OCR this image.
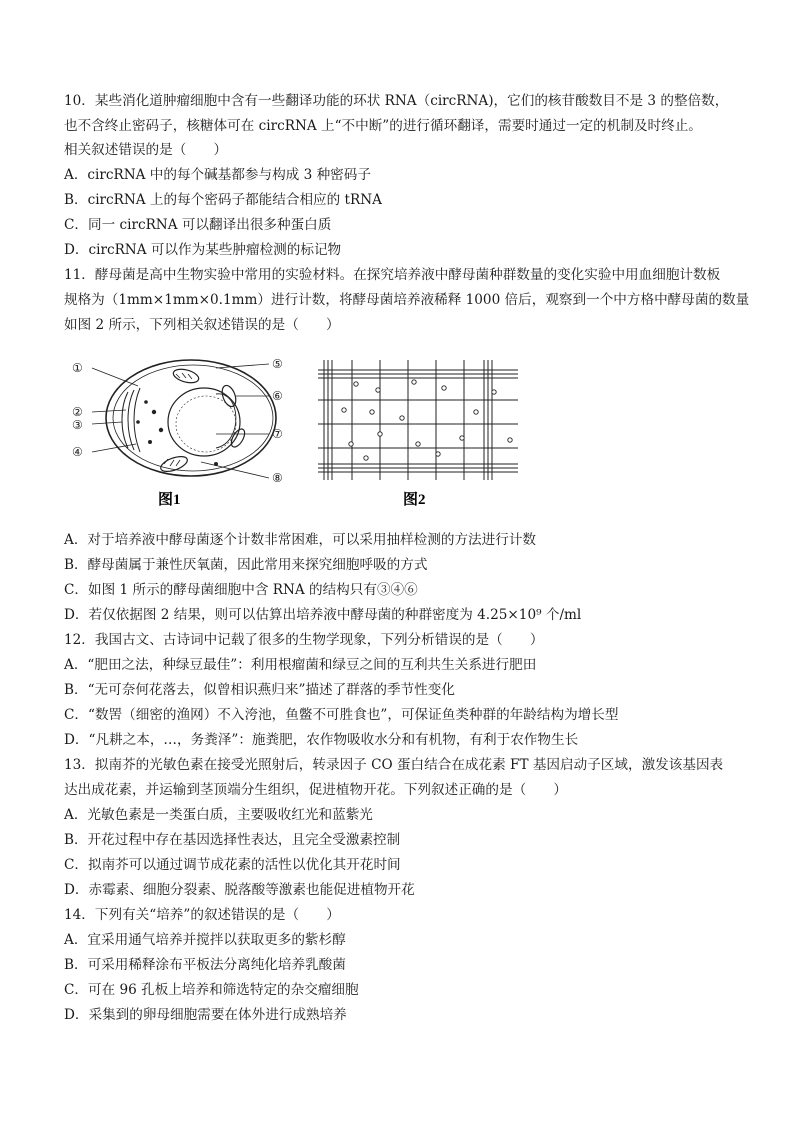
10．某些消化道肿瘤细胞中含有一些翻译功能的环状 RNA（circRNA)，它们的核苷酸数目不是 3 的整倍数，
也不含终止密码子，核糖体可在 circRNA 上“不中断”的进行循环翻译，需要时通过一定的机制及时终止。
相关叙述错误的是（　　）
A．circRNA 中的每个碱基都参与构成 3 种密码子
B．circRNA 上的每个密码子都能结合相应的 tRNA
C．同一 circRNA 可以翻译出很多种蛋白质
D．circRNA 可以作为某些肿瘤检测的标记物
11．酵母菌是高中生物实验中常用的实验材料。在探究培养液中酵母菌种群数量的变化实验中用血细胞计数板
规格为（1mm×1mm×0.1mm）进行计数，将酵母菌培养液稀释 1000 倍后，观察到一个中方格中酵母菌的数量
如图 2 所示，下列相关叙述错误的是（　　）
①
②
③
④
⑤
⑥
⑦
⑧
图1	图2
A．对于培养液中酵母菌逐个计数非常困难，可以采用抽样检测的方法进行计数
B．酵母菌属于兼性厌氧菌，因此常用来探究细胞呼吸的方式
C．如图 1 所示的酵母菌细胞中含 RNA 的结构只有③④⑥
D．若仅依据图 2 结果，则可以估算出培养液中酵母菌的种群密度为 4.25×10⁹ 个/ml
12．我国古文、古诗词中记载了很多的生物学现象，下列分析错误的是（　　）
A．“肥田之法，种绿豆最佳”：利用根瘤菌和绿豆之间的互利共生关系进行肥田
B．“无可奈何花落去，似曾相识燕归来”描述了群落的季节性变化
C．“数罟（细密的渔网）不入洿池，鱼鳖不可胜食也”，可保证鱼类种群的年龄结构为增长型
D．“凡耕之本，…，务粪泽”：施粪肥，农作物吸收水分和有机物，有利于农作物生长
13．拟南芥的光敏色素在接受光照射后，转录因子 CO 蛋白结合在成花素 FT 基因启动子区域，激发该基因表
达出成花素，并运输到茎顶端分生组织，促进植物开花。下列叙述正确的是（　　）
A．光敏色素是一类蛋白质，主要吸收红光和蓝紫光
B．开花过程中存在基因选择性表达，且完全受激素控制
C．拟南芥可以通过调节成花素的活性以优化其开花时间
D．赤霉素、细胞分裂素、脱落酸等激素也能促进植物开花
14．下列有关“培养”的叙述错误的是（　　）
A．宜采用通气培养并搅拌以获取更多的紫杉醇
B．可采用稀释涂布平板法分离纯化培养乳酸菌
C．可在 96 孔板上培养和筛选特定的杂交瘤细胞
D．采集到的卵母细胞需要在体外进行成熟培养
